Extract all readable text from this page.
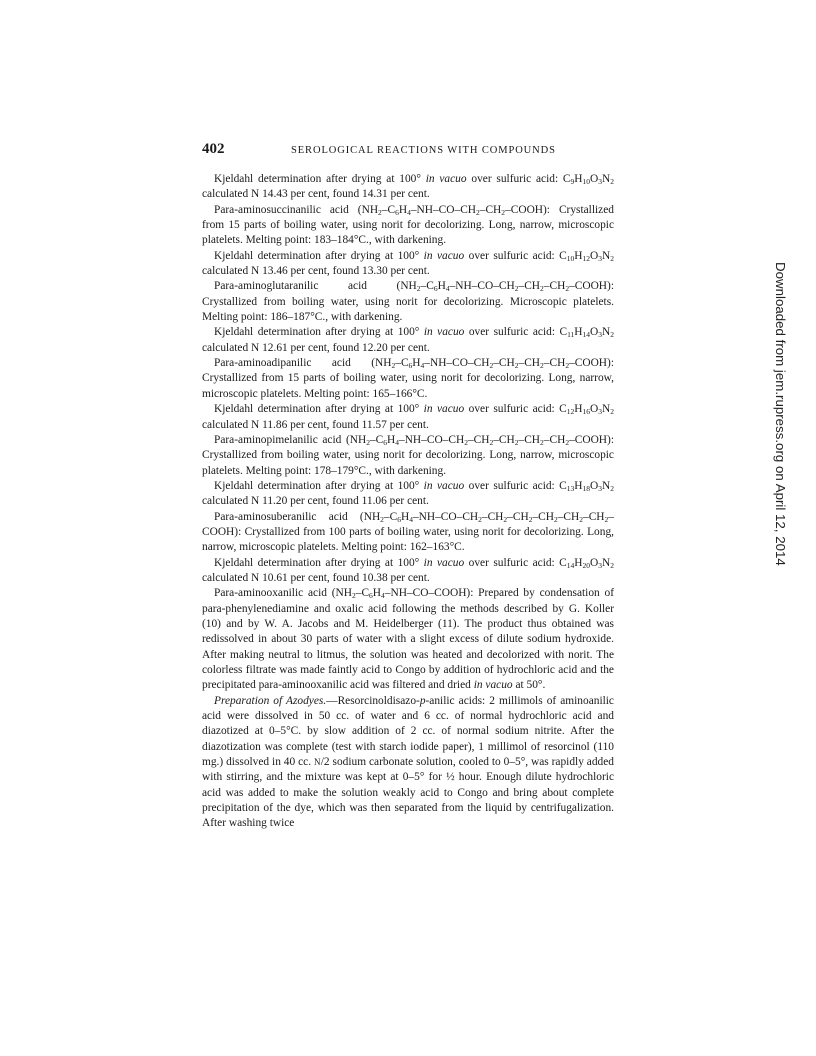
402	SEROLOGICAL REACTIONS WITH COMPOUNDS

Kjeldahl determination after drying at 100° in vacuo over sulfuric acid: $C_9H_{10}O_3N_2$ calculated N 14.43 per cent, found 14.31 per cent.

Para-aminosuccinanilic acid $(NH_2-C_6H_4-NH-CO-CH_2-CH_2-COOH)$: Crystallized from 15 parts of boiling water, using norit for decolorizing. Long, narrow, microscopic platelets. Melting point: 183–184°C., with darkening.

Kjeldahl determination after drying at 100° in vacuo over sulfuric acid: $C_{10}H_{12}O_3N_2$ calculated N 13.46 per cent, found 13.30 per cent.

Para-aminoglutaranilic acid $(NH_2-C_6H_4-NH-CO-CH_2-CH_2-CH_2-COOH)$: Crystallized from boiling water, using norit for decolorizing. Microscopic platelets. Melting point: 186–187°C., with darkening.

Kjeldahl determination after drying at 100° in vacuo over sulfuric acid: $C_{11}H_{14}O_3N_2$ calculated N 12.61 per cent, found 12.20 per cent.

Para-aminoadipanilic acid $(NH_2-C_6H_4-NH-CO-CH_2-CH_2-CH_2-CH_2-COOH)$: Crystallized from 15 parts of boiling water, using norit for decolorizing. Long, narrow, microscopic platelets. Melting point: 165–166°C.

Kjeldahl determination after drying at 100° in vacuo over sulfuric acid: $C_{12}H_{16}O_3N_2$ calculated N 11.86 per cent, found 11.57 per cent.

Para-aminopimelanilic acid $(NH_2-C_6H_4-NH-CO-CH_2-CH_2-CH_2-CH_2-CH_2-COOH)$: Crystallized from boiling water, using norit for decolorizing. Long, narrow, microscopic platelets. Melting point: 178–179°C., with darkening.

Kjeldahl determination after drying at 100° in vacuo over sulfuric acid: $C_{13}H_{18}O_3N_2$ calculated N 11.20 per cent, found 11.06 per cent.

Para-aminosuberanilic acid $(NH_2-C_6H_4-NH-CO-CH_2-CH_2-CH_2-CH_2-CH_2-CH_2-COOH)$: Crystallized from 100 parts of boiling water, using norit for decolorizing. Long, narrow, microscopic platelets. Melting point: 162–163°C.

Kjeldahl determination after drying at 100° in vacuo over sulfuric acid: $C_{14}H_{20}O_3N_2$ calculated N 10.61 per cent, found 10.38 per cent.

Para-aminooxanilic acid $(NH_2-C_6H_4-NH-CO-COOH)$: Prepared by condensation of para-phenylenediamine and oxalic acid following the methods described by G. Koller (10) and by W. A. Jacobs and M. Heidelberger (11). The product thus obtained was redissolved in about 30 parts of water with a slight excess of dilute sodium hydroxide. After making neutral to litmus, the solution was heated and decolorized with norit. The colorless filtrate was made faintly acid to Congo by addition of hydrochloric acid and the precipitated para-aminooxanilic acid was filtered and dried in vacuo at 50°.

Preparation of Azodyes.—Resorcinoldisazo-p-anilic acids: 2 millimols of aminoanilic acid were dissolved in 50 cc. of water and 6 cc. of normal hydrochloric acid and diazotized at 0–5°C. by slow addition of 2 cc. of normal sodium nitrite. After the diazotization was complete (test with starch iodide paper), 1 millimol of resorcinol (110 mg.) dissolved in 40 cc. N/2 sodium carbonate solution, cooled to 0–5°, was rapidly added with stirring, and the mixture was kept at 0–5° for ½ hour. Enough dilute hydrochloric acid was added to make the solution weakly acid to Congo and bring about complete precipitation of the dye, which was then separated from the liquid by centrifugalization. After washing twice

Downloaded from jem.rupress.org on April 12, 2014
